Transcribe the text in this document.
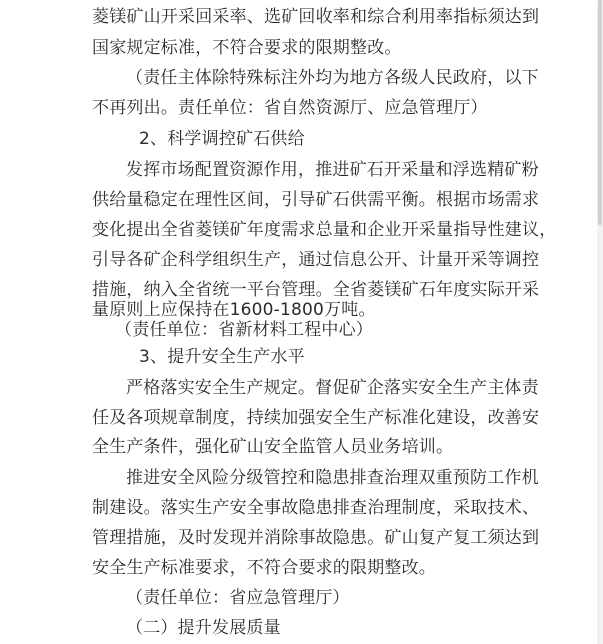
菱镁矿山开采回采率、选矿回收率和综合利用率指标须达到
国家规定标准，不符合要求的限期整改。
（责任主体除特殊标注外均为地方各级人民政府，以下
不再列出。责任单位：省自然资源厅、应急管理厅）
2、科学调控矿石供给
发挥市场配置资源作用，推进矿石开采量和浮选精矿粉
供给量稳定在理性区间，引导矿石供需平衡。根据市场需求
变化提出全省菱镁矿年度需求总量和企业开采量指导性建议，
引导各矿企科学组织生产，通过信息公开、计量开采等调控
措施，纳入全省统一平台管理。全省菱镁矿石年度实际开采
量原则上应保持在1600-1800万吨。
（责任单位：省新材料工程中心）
3、提升安全生产水平
严格落实安全生产规定。督促矿企落实安全生产主体责
任及各项规章制度，持续加强安全生产标准化建设，改善安
全生产条件，强化矿山安全监管人员业务培训。
推进安全风险分级管控和隐患排查治理双重预防工作机
制建设。落实生产安全事故隐患排查治理制度，采取技术、
管理措施，及时发现并消除事故隐患。矿山复产复工须达到
安全生产标准要求，不符合要求的限期整改。
（责任单位：省应急管理厅）
（二）提升发展质量
